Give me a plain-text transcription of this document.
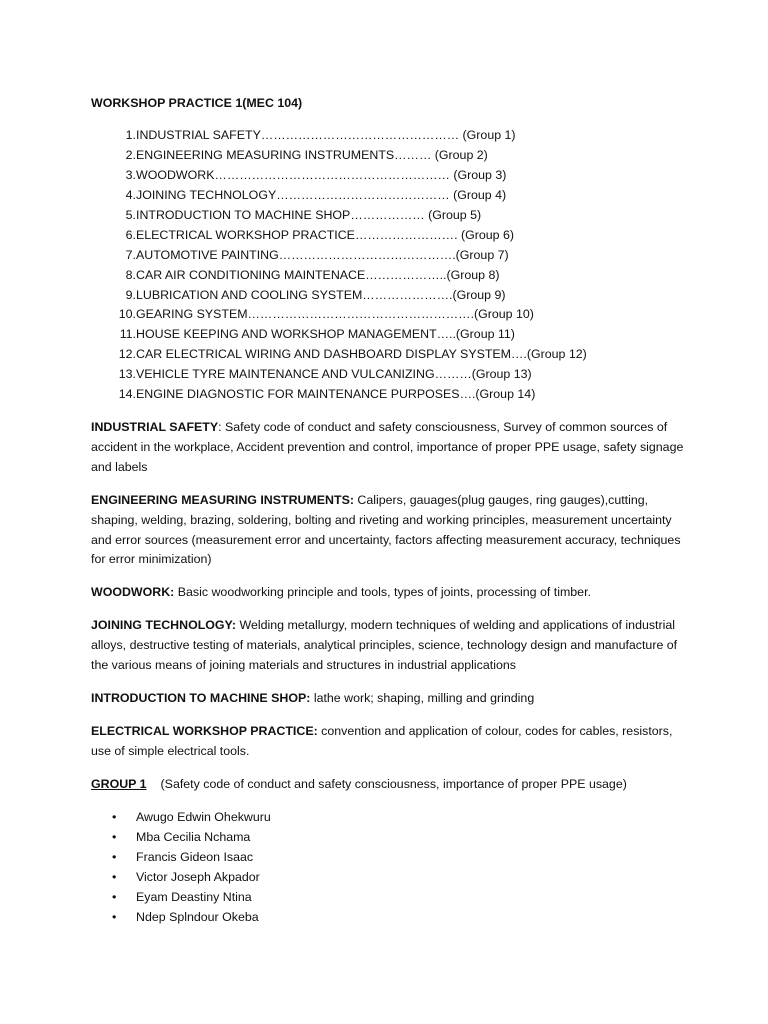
WORKSHOP PRACTICE 1(MEC 104)
1. INDUSTRIAL SAFETY………………………………………… (Group 1)
2. ENGINEERING MEASURING INSTRUMENTS……… (Group 2)
3. WOODWORK………………………………………………… (Group 3)
4. JOINING TECHNOLOGY…………………………………… (Group 4)
5. INTRODUCTION TO MACHINE SHOP……………… (Group 5)
6. ELECTRICAL WORKSHOP PRACTICE……………………. (Group 6)
7. AUTOMOTIVE PAINTING…………………………………….(Group 7)
8. CAR AIR CONDITIONING MAINTENACE………………..(Group 8)
9. LUBRICATION AND COOLING SYSTEM………………….(Group 9)
10. GEARING SYSTEM……………………………………………….(Group 10)
11. HOUSE KEEPING AND WORKSHOP MANAGEMENT…..(Group 11)
12. CAR ELECTRICAL WIRING AND DASHBOARD DISPLAY SYSTEM….(Group 12)
13. VEHICLE TYRE MAINTENANCE AND VULCANIZING………(Group 13)
14. ENGINE DIAGNOSTIC FOR MAINTENANCE PURPOSES….(Group 14)

INDUSTRIAL SAFETY: Safety code of conduct and safety consciousness, Survey of common sources of accident in the workplace, Accident prevention and control, importance of proper PPE usage, safety signage and labels

ENGINEERING MEASURING INSTRUMENTS: Calipers, gauages(plug gauges, ring gauges),cutting, shaping, welding, brazing, soldering, bolting and riveting and working principles, measurement uncertainty and error sources (measurement error and uncertainty, factors affecting measurement accuracy, techniques for error minimization)

WOODWORK: Basic woodworking principle and tools, types of joints, processing of timber.

JOINING TECHNOLOGY: Welding metallurgy, modern techniques of welding and applications of industrial alloys, destructive testing of materials, analytical principles, science, technology design and manufacture of the various means of joining materials and structures in industrial applications

INTRODUCTION TO MACHINE SHOP: lathe work; shaping, milling and grinding

ELECTRICAL WORKSHOP PRACTICE: convention and application of colour, codes for cables, resistors, use of simple electrical tools.

GROUP 1 (Safety code of conduct and safety consciousness, importance of proper PPE usage)
• Awugo Edwin Ohekwuru
• Mba Cecilia Nchama
• Francis Gideon Isaac
• Victor Joseph Akpador
• Eyam Deastiny Ntina
• Ndep Splndour Okeba
